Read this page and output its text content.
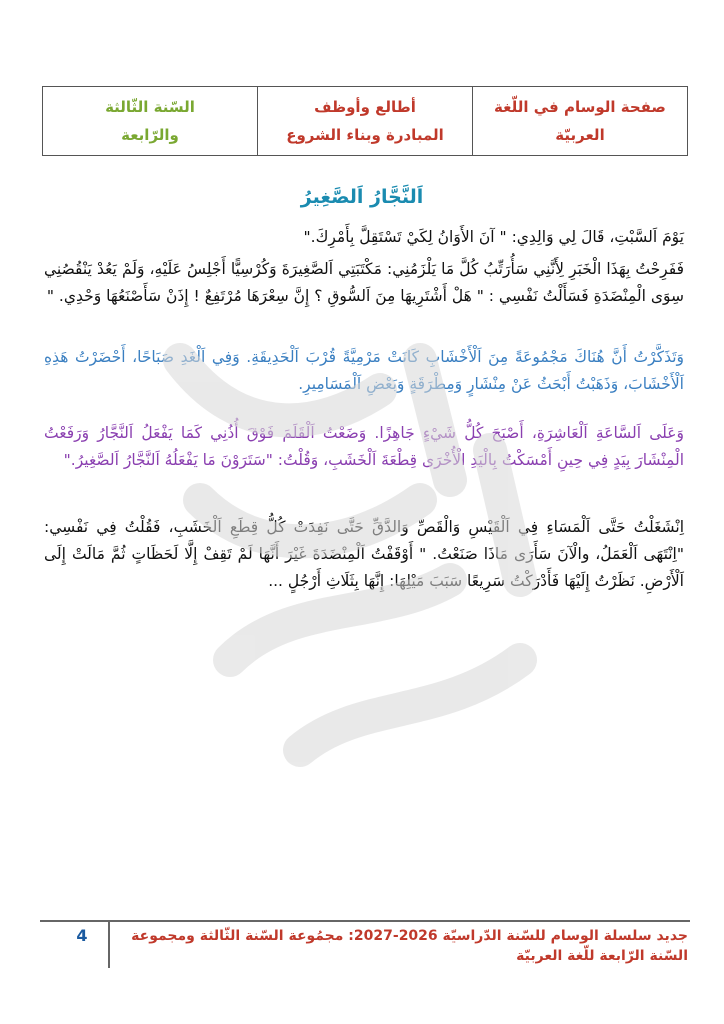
صفحة الوسام في اللّغة العربيّة
أطالع وأوظف
المبادرة وبناء الشروع
السّنة الثّالثة
والرّابعة
اَلنَّجَّارُ اَلصَّغِيرُ

يَوْمَ اَلسَّبْتِ، قَالَ لِي وَالِدِي: " آنَ الأَوَانُ لِكَيْ تَسْتَقِلَّ بِأَمْرِكَ."

فَفَرِحْتُ بِهَذَا الْخَبَرِ لِأَنَّنِي سَأُرَتِّبُ كُلَّ مَا يَلْزَمُنِي: مَكْتَبَتِي اَلصَّغِيرَةَ وَكُرْسِيًّا أَجْلِسُ عَلَيْهِ، وَلَمْ يَعُدْ يَنْقُصُنِي سِوَى الْمِنْضَدَةِ فَسَأَلْتُ نَفْسِي : " هَلْ أَشْتَرِيهَا مِنَ اَلسُّوقِ ؟ إِنَّ سِعْرَهَا مُرْتَفِعٌ ! إِذَنْ سَأَصْنَعُهَا وَحْدِي. "

وَتَذَكَّرْتُ أَنَّ هُنَاكَ مَجْمُوعَةً مِنَ اَلْأَخْشَابِ كَانَتْ مَرْمِيَّةً قُرْبَ اَلْحَدِيقَةِ. وَفِي اَلْغَدِ صَبَاحًا، أَحْضَرْتُ هَذِهِ اَلْأَخْشَابَ، وَذَهَبْتُ أَبْحَثُ عَنْ مِنْشَارٍ وَمِطْرَقَةٍ وَبَعْضِ اَلْمَسَامِيرِ.

وَعَلَى اَلسَّاعَةِ اَلْعَاشِرَةِ، أَصْبَحَ كُلُّ شَيْءٍ جَاهِزًا. وَضَعْتُ اَلْقَلَمَ فَوْقَ أُذُنِي كَمَا يَفْعَلُ اَلنَّجَّارُ وَرَفَعْتُ الْمِنْشَارَ بِيَدٍ فِي حِينِ أَمْسَكْتُ بِالْيَدِ الْأُخْرَى قِطْعَةَ اَلْخَشَبِ، وَقُلْتُ: "سَتَرَوْنَ مَا يَفْعَلُهُ اَلنَّجَّارُ اَلصَّغِيرُ."

اِنْشَغَلْتُ حَتَّى اَلْمَسَاءِ فِي اَلْقَيْسِ وَالْقَصِّ وَالدَّقِّ حَتَّى نَفِدَتْ كُلُّ قِطَعِ اَلْخَشَبِ، فَقُلْتُ فِي نَفْسِي: "اِنْتَهَى اَلْعَمَلُ، والْآنَ سَأَرَى مَاذَا صَنَعْتُ. " أَوْقَفْتُ اَلْمِنْضَدَةَ غَيْرَ أَنَّهَا لَمْ تَقِفْ إِلَّا لَحَظَاتٍ ثُمَّ مَالَتْ إِلَى اَلْأَرْضِ. نَظَرْتُ إِلَيْهَا فَأَدْرَكْتُ سَرِيعًا سَبَبَ مَيْلِهَا: إِنَّهَا بِثَلَاثِ أَرْجُلٍ ...

جديد سلسلة الوسام للسّنة الدّراسيّة 2026-2027: مجمُوعة السّنة الثّالثة ومجموعة السّنة الرّابعة للّغة العربيّة
4
